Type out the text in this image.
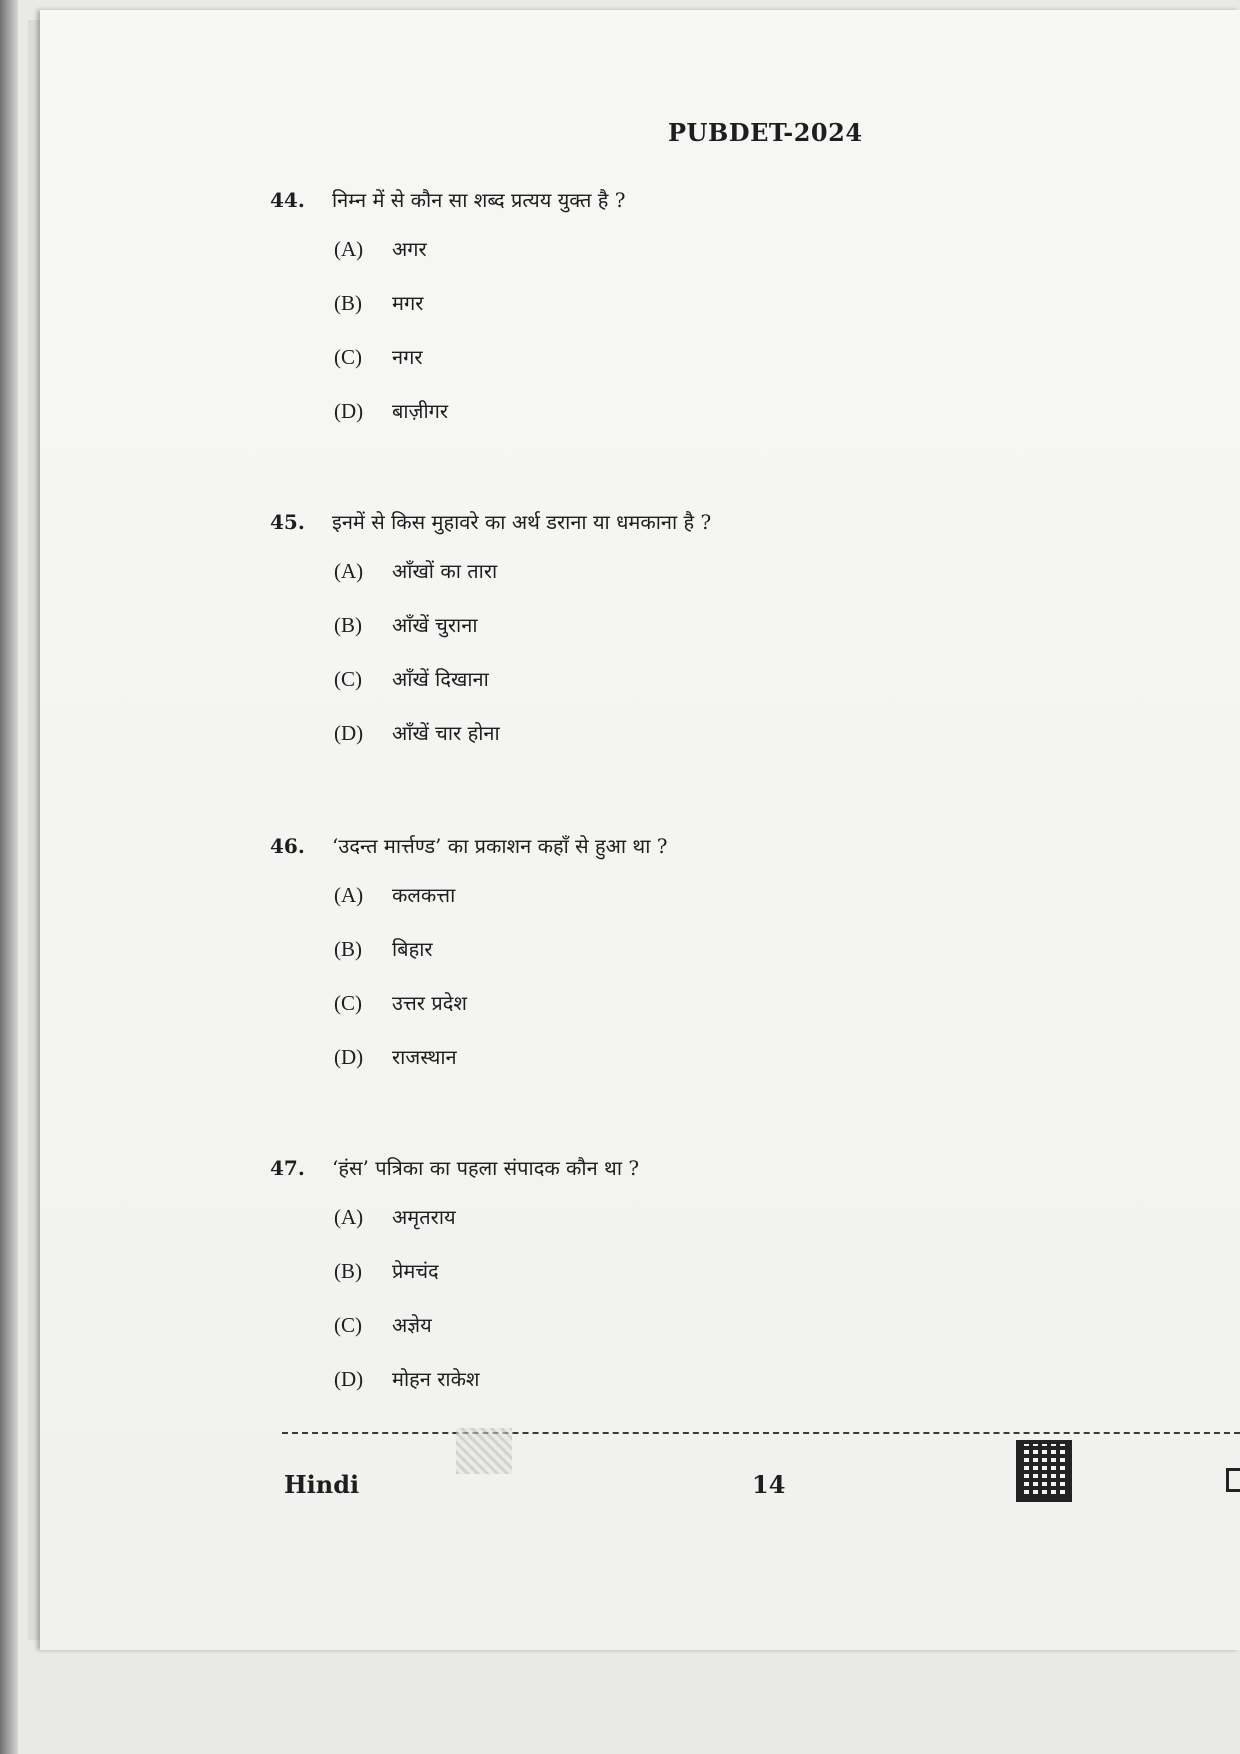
PUBDET-2024
44.	निम्न में से कौन सा शब्द प्रत्यय युक्त है ?
(A)	अगर
(B)	मगर
(C)	नगर
(D)	बाज़ीगर
45.	इनमें से किस मुहावरे का अर्थ डराना या धमकाना है ?
(A)	आँखों का तारा
(B)	आँखें चुराना
(C)	आँखें दिखाना
(D)	आँखें चार होना
46.	‘उदन्त मार्त्तण्ड’ का प्रकाशन कहाँ से हुआ था ?
(A)	कलकत्ता
(B)	बिहार
(C)	उत्तर प्रदेश
(D)	राजस्थान
47.	‘हंस’ पत्रिका का पहला संपादक कौन था ?
(A)	अमृतराय
(B)	प्रेमचंद
(C)	अज्ञेय
(D)	मोहन राकेश
Hindi	14
